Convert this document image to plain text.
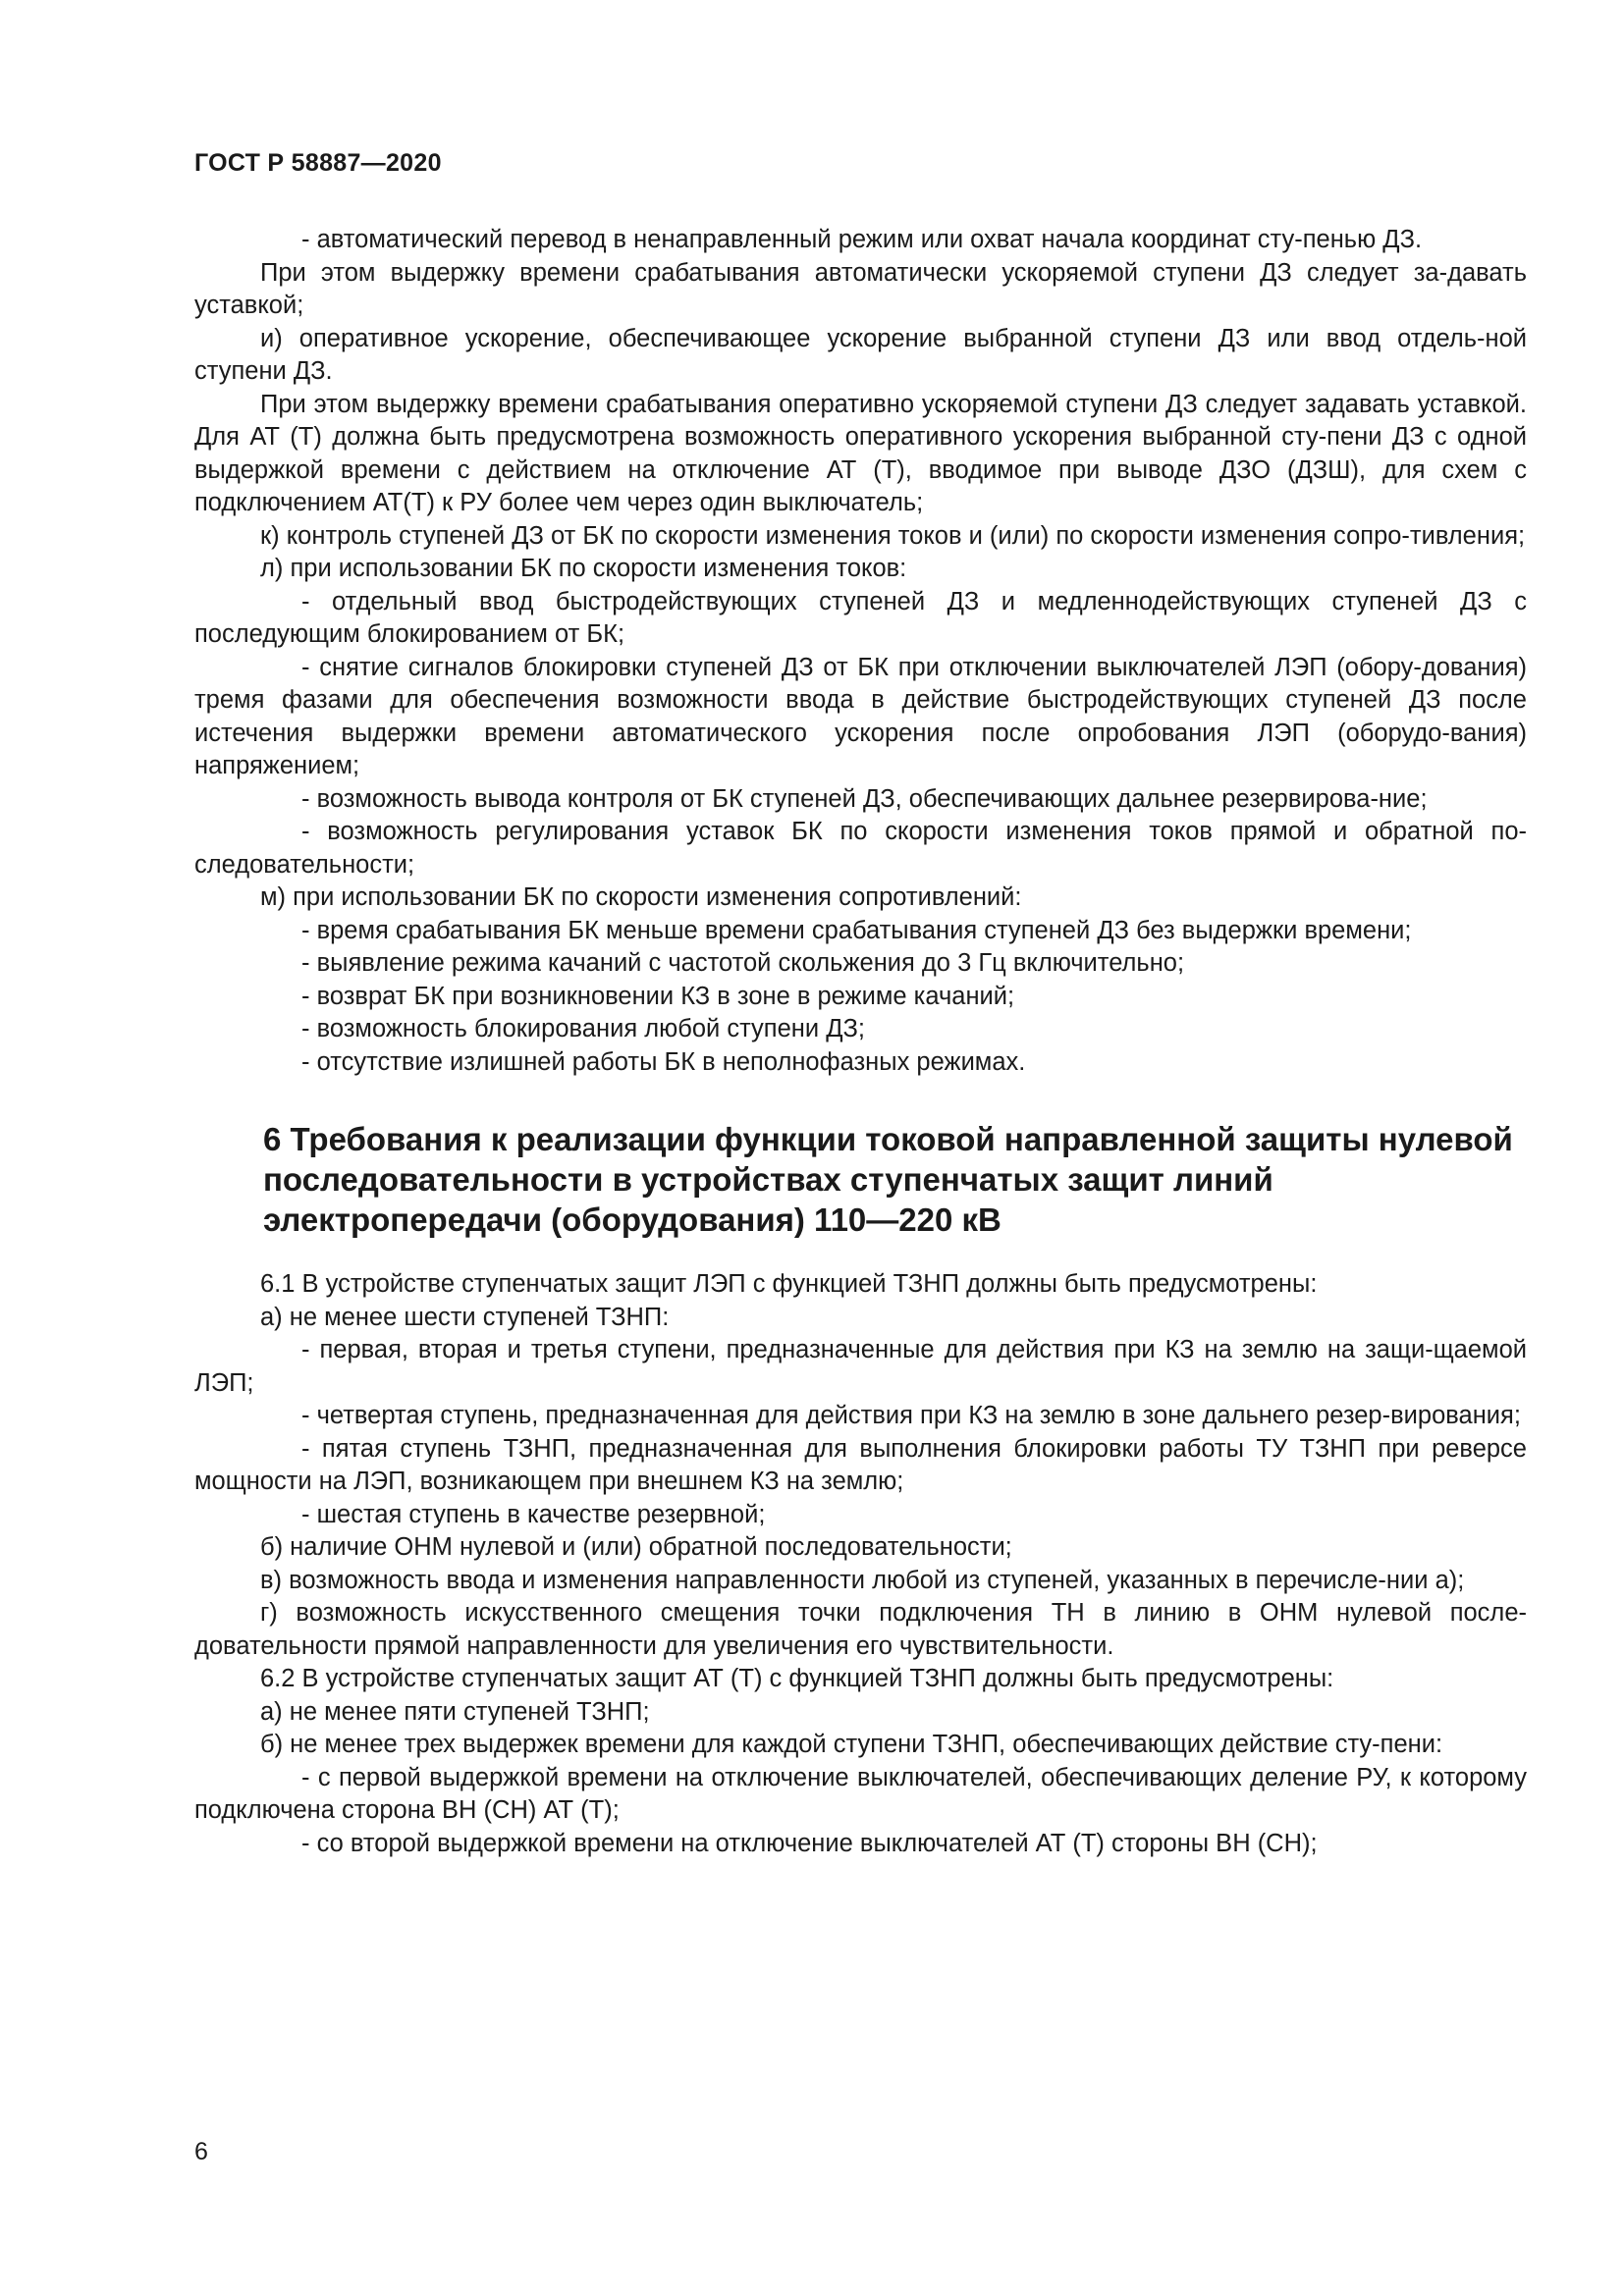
ГОСТ Р 58887—2020

- автоматический перевод в ненаправленный режим или охват начала координат сту-пенью ДЗ.

При этом выдержку времени срабатывания автоматически ускоряемой ступени ДЗ следует за-давать уставкой;

и) оперативное ускорение, обеспечивающее ускорение выбранной ступени ДЗ или ввод отдель-ной ступени ДЗ.

При этом выдержку времени срабатывания оперативно ускоряемой ступени ДЗ следует задавать уставкой. Для АТ (Т) должна быть предусмотрена возможность оперативного ускорения выбранной сту-пени ДЗ с одной выдержкой времени с действием на отключение АТ (Т), вводимое при выводе ДЗО (ДЗШ), для схем с подключением АТ(Т) к РУ более чем через один выключатель;

к) контроль ступеней ДЗ от БК по скорости изменения токов и (или) по скорости изменения сопро-тивления;

л) при использовании БК по скорости изменения токов:

- отдельный ввод быстродействующих ступеней ДЗ и медленнодействующих ступеней ДЗ с последующим блокированием от БК;

- снятие сигналов блокировки ступеней ДЗ от БК при отключении выключателей ЛЭП (обору-дования) тремя фазами для обеспечения возможности ввода в действие быстродействующих ступеней ДЗ после истечения выдержки времени автоматического ускорения после опробования ЛЭП (оборудо-вания) напряжением;

- возможность вывода контроля от БК ступеней ДЗ, обеспечивающих дальнее резервирова-ние;

- возможность регулирования уставок БК по скорости изменения токов прямой и обратной по-следовательности;

м) при использовании БК по скорости изменения сопротивлений:

- время срабатывания БК меньше времени срабатывания ступеней ДЗ без выдержки времени;

- выявление режима качаний с частотой скольжения до 3 Гц включительно;

- возврат БК при возникновении КЗ в зоне в режиме качаний;

- возможность блокирования любой ступени ДЗ;

- отсутствие излишней работы БК в неполнофазных режимах.

6 Требования к реализации функции токовой направленной защиты нулевой последовательности в устройствах ступенчатых защит линий электропередачи (оборудования) 110—220 кВ

6.1 В устройстве ступенчатых защит ЛЭП с функцией ТЗНП должны быть предусмотрены:

а) не менее шести ступеней ТЗНП:

- первая, вторая и третья ступени, предназначенные для действия при КЗ на землю на защи-щаемой ЛЭП;

- четвертая ступень, предназначенная для действия при КЗ на землю в зоне дальнего резер-вирования;

- пятая ступень ТЗНП, предназначенная для выполнения блокировки работы ТУ ТЗНП при реверсе мощности на ЛЭП, возникающем при внешнем КЗ на землю;

- шестая ступень в качестве резервной;

б) наличие ОНМ нулевой и (или) обратной последовательности;

в) возможность ввода и изменения направленности любой из ступеней, указанных в перечисле-нии а);

г) возможность искусственного смещения точки подключения ТН в линию в ОНМ нулевой после-довательности прямой направленности для увеличения его чувствительности.

6.2 В устройстве ступенчатых защит АТ (Т) с функцией ТЗНП должны быть предусмотрены:

а) не менее пяти ступеней ТЗНП;

б) не менее трех выдержек времени для каждой ступени ТЗНП, обеспечивающих действие сту-пени:

- с первой выдержкой времени на отключение выключателей, обеспечивающих деление РУ, к которому подключена сторона ВН (СН) АТ (Т);

- со второй выдержкой времени на отключение выключателей АТ (Т) стороны ВН (СН);

6
